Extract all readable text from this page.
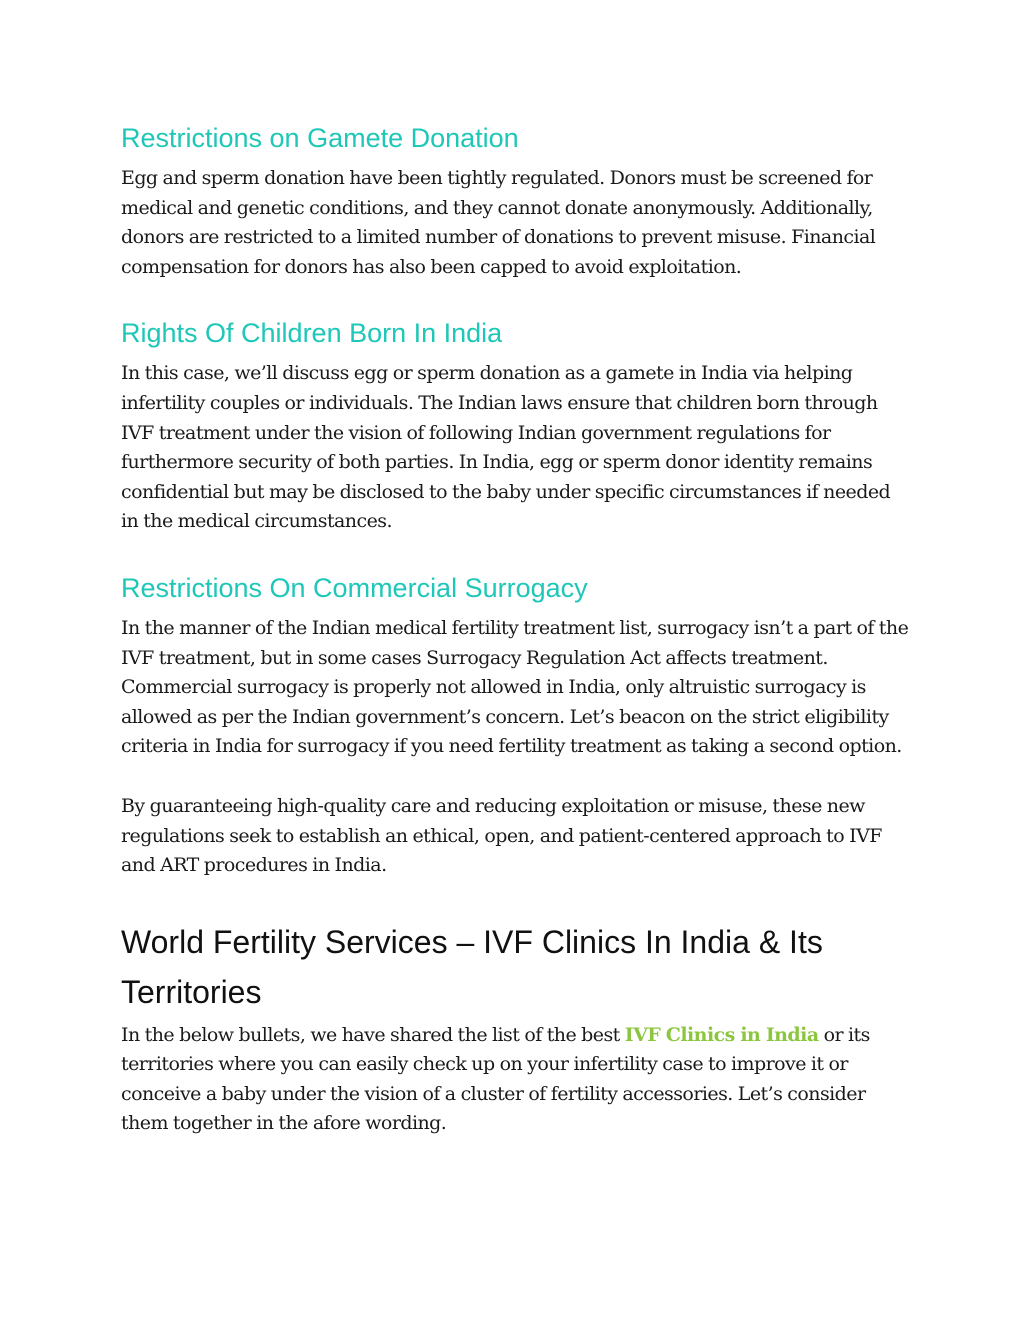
Restrictions on Gamete Donation

Egg and sperm donation have been tightly regulated. Donors must be screened for medical and genetic conditions, and they cannot donate anonymously. Additionally, donors are restricted to a limited number of donations to prevent misuse. Financial compensation for donors has also been capped to avoid exploitation.

Rights Of Children Born In India

In this case, we’ll discuss egg or sperm donation as a gamete in India via helping infertility couples or individuals. The Indian laws ensure that children born through IVF treatment under the vision of following Indian government regulations for furthermore security of both parties. In India, egg or sperm donor identity remains confidential but may be disclosed to the baby under specific circumstances if needed in the medical circumstances.

Restrictions On Commercial Surrogacy

In the manner of the Indian medical fertility treatment list, surrogacy isn’t a part of the IVF treatment, but in some cases Surrogacy Regulation Act affects treatment. Commercial surrogacy is properly not allowed in India, only altruistic surrogacy is allowed as per the Indian government’s concern. Let’s beacon on the strict eligibility criteria in India for surrogacy if you need fertility treatment as taking a second option.

By guaranteeing high-quality care and reducing exploitation or misuse, these new regulations seek to establish an ethical, open, and patient-centered approach to IVF and ART procedures in India.

World Fertility Services – IVF Clinics In India & Its Territories

In the below bullets, we have shared the list of the best IVF Clinics in India or its territories where you can easily check up on your infertility case to improve it or conceive a baby under the vision of a cluster of fertility accessories. Let’s consider them together in the afore wording.
